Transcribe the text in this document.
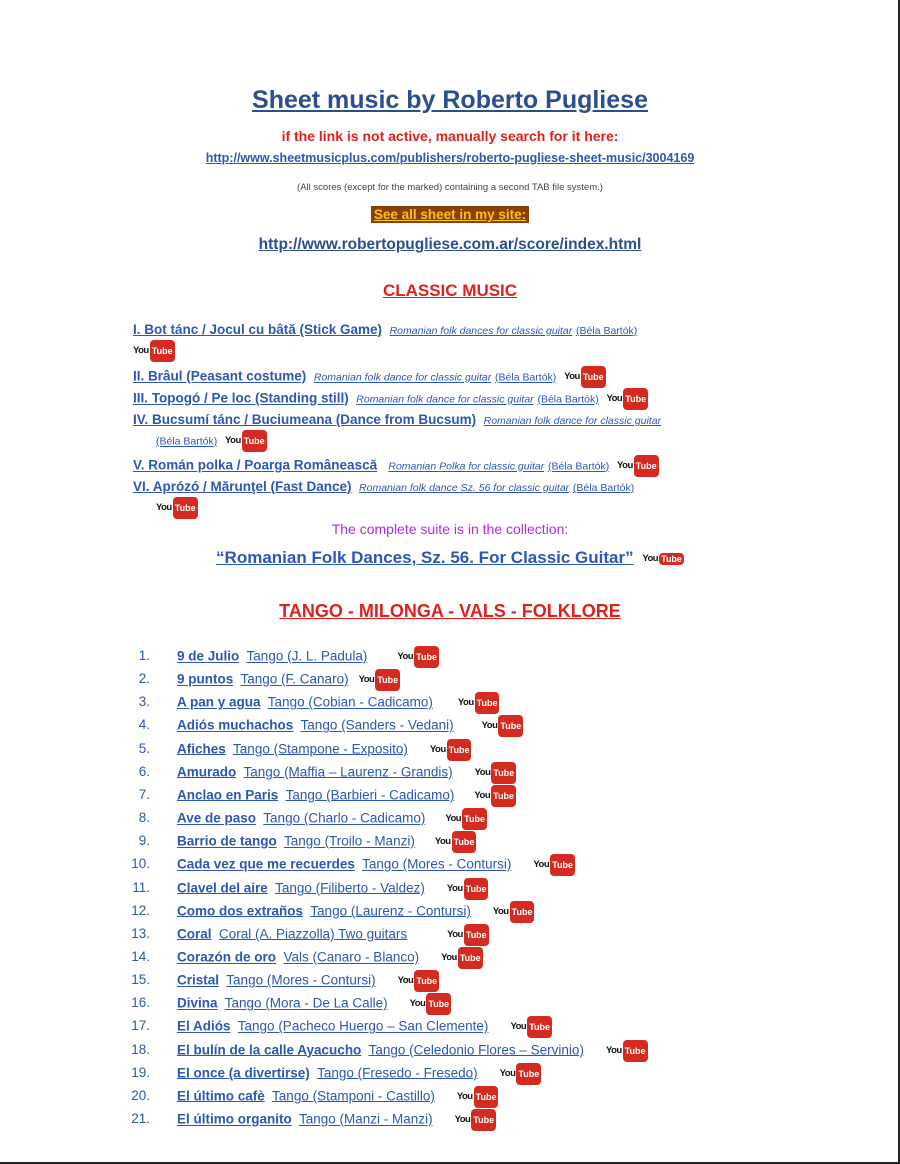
Sheet music by Roberto Pugliese
if the link is not active, manually search for it here:
http://www.sheetmusicplus.com/publishers/roberto-pugliese-sheet-music/3004169
(All scores (except for the marked) containing a second TAB file system.)
See all sheet in my site:
http://www.robertopugliese.com.ar/score/index.html
CLASSIC MUSIC
I. Bot tánc / Jocul cu bâtă (Stick Game) Romanian folk dances for classic guitar (Béla Bartók)
You Tube
II. Brâul (Peasant costume) Romanian folk dance for classic guitar (Béla Bartók) You Tube
III. Topogó / Pe loc (Standing still) Romanian folk dance for classic guitar (Béla Bartók) You Tube
IV. Bucsumí tánc / Buciumeana (Dance from Bucsum) Romanian folk dance for classic guitar
(Béla Bartók) You Tube
V. Román polka / Poarga Românească Romanian Polka for classic guitar (Béla Bartók) You Tube
VI. Aprózó / Mărunţel (Fast Dance) Romanian folk dance Sz. 56 for classic guitar (Béla Bartók)
You Tube
The complete suite is in the collection:
“Romanian Folk Dances, Sz. 56. For Classic Guitar” You Tube
TANGO - MILONGA - VALS - FOLKLORE
1. 9 de Julio Tango (J. L. Padula)	You Tube
2. 9 puntos Tango (F. Canaro) You Tube
3. A pan y agua Tango (Cobian - Cadicamo)	You Tube
4. Adiós muchachos Tango (Sanders - Vedani)	You Tube
5. Afiches Tango (Stampone - Exposito) You Tube
6. Amurado Tango (Maffia – Laurenz - Grandis) You Tube
7. Anclao en Paris Tango (Barbieri - Cadicamo) You Tube
8. Ave de paso Tango (Charlo - Cadicamo) You Tube
9. Barrio de tango Tango (Troilo - Manzi) You Tube
10. Cada vez que me recuerdes Tango (Mores - Contursi) You Tube
11. Clavel del aire Tango (Filiberto - Valdez) You Tube
12. Como dos extraños Tango (Laurenz - Contursi) You Tube
13. Coral Coral (A. Piazzolla) Two guitars	You Tube
14. Corazón de oro Vals (Canaro - Blanco) You Tube
15. Cristal Tango (Mores - Contursi) You Tube
16. Divina Tango (Mora - De La Calle) You Tube
17. El Adiós Tango (Pacheco Huergo – San Clemente) You Tube
18. El bulín de la calle Ayacucho Tango (Celedonio Flores – Servinio) You Tube
19. El once (a divertirse) Tango (Fresedo - Fresedo) You Tube
20. El último cafè Tango (Stamponi - Castillo) You Tube
21. El último organito Tango (Manzi - Manzi) You Tube
